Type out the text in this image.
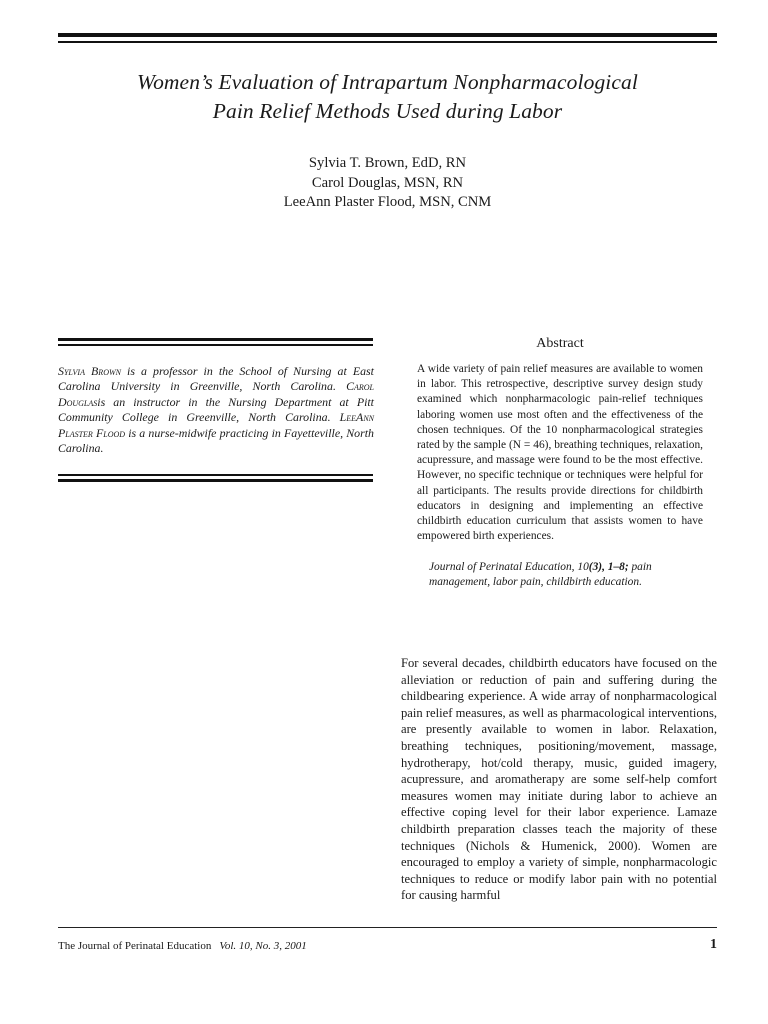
Women’s Evaluation of Intrapartum Nonpharmacological
Pain Relief Methods Used during Labor
Sylvia T. Brown, EdD, RN
Carol Douglas, MSN, RN
LeeAnn Plaster Flood, MSN, CNM

Sylvia Brown is a professor in the School of Nursing at East Carolina University in Greenville, North Carolina. Carol Douglasis an instructor in the Nursing Department at Pitt Community College in Greenville, North Carolina. LeeAnn Plaster Flood is a nurse-midwife practicing in Fayetteville, North Carolina.

Abstract

A wide variety of pain relief measures are available to women in labor. This retrospective, descriptive survey design study examined which nonpharmacologic pain-relief techniques laboring women use most often and the effectiveness of the chosen techniques. Of the 10 nonpharmacological strategies rated by the sample (N = 46), breathing techniques, relaxation, acupressure, and massage were found to be the most effective. However, no specific technique or techniques were helpful for all participants. The results provide directions for childbirth educators in designing and implementing an effective childbirth education curriculum that assists women to have empowered birth experiences.

Journal of Perinatal Education, 10(3), 1–8; pain management, labor pain, childbirth education.

For several decades, childbirth educators have focused on the alleviation or reduction of pain and suffering during the childbearing experience. A wide array of nonpharmacological pain relief measures, as well as pharmacological interventions, are presently available to women in labor. Relaxation, breathing techniques, positioning/movement, massage, hydrotherapy, hot/cold therapy, music, guided imagery, acupressure, and aromatherapy are some self-help comfort measures women may initiate during labor to achieve an effective coping level for their labor experience. Lamaze childbirth preparation classes teach the majority of these techniques (Nichols & Humenick, 2000). Women are encouraged to employ a variety of simple, nonpharmacologic techniques to reduce or modify labor pain with no potential for causing harmful

The Journal of Perinatal Education Vol. 10, No. 3, 2001	1
